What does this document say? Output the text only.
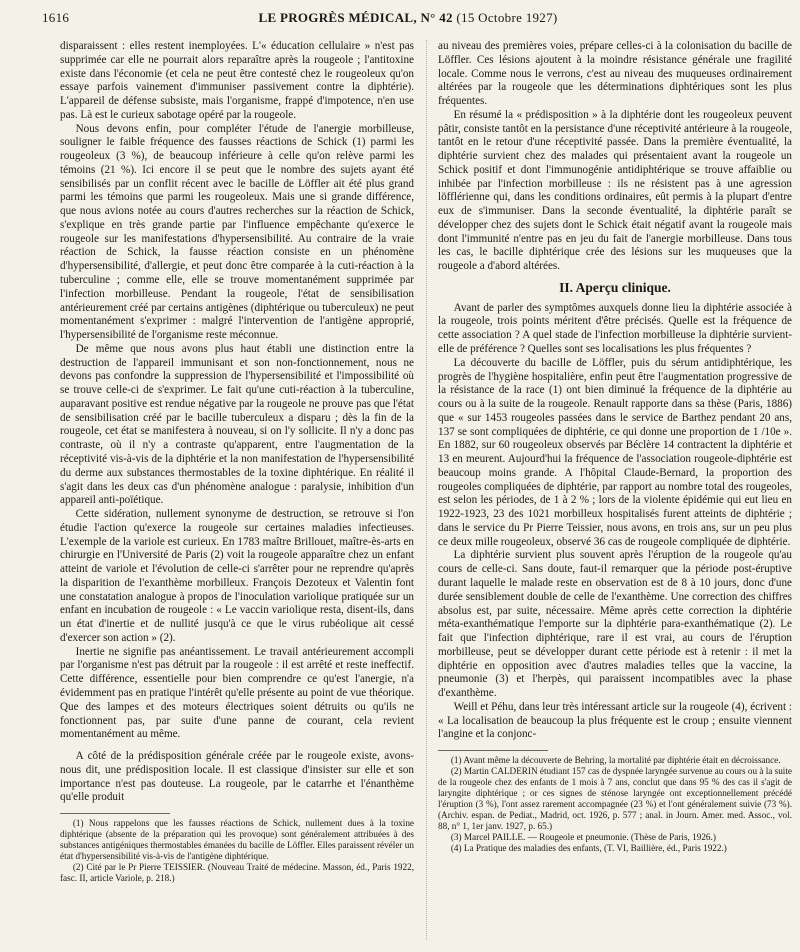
1616	LE PROGRÈS MÉDICAL, N° 42 (15 Octobre 1927)

disparaissent : elles restent inemployées. L'« éducation cellulaire » n'est pas supprimée car elle ne pourrait alors reparaître après la rougeole ; l'antitoxine existe dans l'économie (et cela ne peut être contesté chez le rougeoleux qu'on essaye parfois vainement d'immuniser passivement contre la diphtérie). L'appareil de défense subsiste, mais l'organisme, frappé d'impotence, n'en use pas. Là est le curieux sabotage opéré par la rougeole.

Nous devons enfin, pour compléter l'étude de l'anergie morbilleuse, souligner le faible fréquence des fausses réactions de Schick (1) parmi les rougeoleux (3 %), de beaucoup inférieure à celle qu'on relève parmi les témoins (21 %). Ici encore il se peut que le nombre des sujets ayant été sensibilisés par un conflit récent avec le bacille de Löffler ait été plus grand parmi les témoins que parmi les rougeoleux. Mais une si grande différence, que nous avions notée au cours d'autres recherches sur la réaction de Schick, s'explique en très grande partie par l'influence empêchante qu'exerce le rougeole sur les manifestations d'hypersensibilité. Au contraire de la vraie réaction de Schick, la fausse réaction consiste en un phénomène d'hypersensibilité, d'allergie, et peut donc être comparée à la cuti-réaction à la tuberculine ; comme elle, elle se trouve momentanément supprimée par l'infection morbilleuse. Pendant la rougeole, l'état de sensibilisation antérieurement créé par certains antigènes (diphtérique ou tuberculeux) ne peut momentanément s'exprimer : malgré l'intervention de l'antigène approprié, l'hypersensibilité de l'organisme reste méconnue.

De même que nous avons plus haut établi une distinction entre la destruction de l'appareil immunisant et son non-fonctionnement, nous ne devons pas confondre la suppression de l'hypersensibilité et l'impossibilité où se trouve celle-ci de s'exprimer. Le fait qu'une cuti-réaction à la tuberculine, auparavant positive est rendue négative par la rougeole ne prouve pas que l'état de sensibilisation créé par le bacille tuberculeux a disparu ; dès la fin de la rougeole, cet état se manifestera à nouveau, si on l'y sollicite. Il n'y a donc pas contraste, où il n'y a contraste qu'apparent, entre l'augmentation de la réceptivité vis-à-vis de la diphtérie et la non manifestation de l'hypersensibilité du derme aux substances thermostables de la toxine diphtérique. En réalité il s'agit dans les deux cas d'un phénomène analogue : paralysie, inhibition d'un appareil anti-poïétique.

Cette sidération, nullement synonyme de destruction, se retrouve si l'on étudie l'action qu'exerce la rougeole sur certaines maladies infectieuses. L'exemple de la variole est curieux. En 1783 maître Brillouet, maître-ès-arts en chirurgie en l'Université de Paris (2) voit la rougeole apparaître chez un enfant atteint de variole et l'évolution de celle-ci s'arrêter pour ne reprendre qu'après la disparition de l'exanthème morbilleux. François Dezoteux et Valentin font une constatation analogue à propos de l'inoculation variolique pratiquée sur un enfant en incubation de rougeole : « Le vaccin variolique resta, disent-ils, dans un état d'inertie et de nullité jusqu'à ce que le virus rubéolique ait cessé d'exercer son action » (2).

Inertie ne signifie pas anéantissement. Le travail antérieurement accompli par l'organisme n'est pas détruit par la rougeole : il est arrêté et reste ineffectif. Cette différence, essentielle pour bien comprendre ce qu'est l'anergie, n'a évidemment pas en pratique l'intérêt qu'elle présente au point de vue théorique. Que des lampes et des moteurs électriques soient détruits ou qu'ils ne fonctionnent pas, par suite d'une panne de courant, cela revient momentanément au même.

A côté de la prédisposition générale créée par le rougeole existe, avons-nous dit, une prédisposition locale. Il est classique d'insister sur elle et son importance n'est pas douteuse. La rougeole, par le catarrhe et l'énanthème qu'elle produit

(1) Nous rappelons que les fausses réactions de Schick, nullement dues à la toxine diphtérique (absente de la préparation qui les provoque) sont généralement attribuées à des substances antigéniques thermostables émanées du bacille de Löffler. Elles paraissent révéler un état d'hypersensibilité vis-à-vis de l'antigène diphtérique.

(2) Cité par le Pr Pierre TEISSIER. (Nouveau Traité de médecine. Masson, éd., Paris 1922, fasc. II, article Variole, p. 218.)

au niveau des premières voies, prépare celles-ci à la colonisation du bacille de Löffler. Ces lésions ajoutent à la moindre résistance générale une fragilité locale. Comme nous le verrons, c'est au niveau des muqueuses ordinairement altérées par la rougeole que les déterminations diphtériques sont les plus fréquentes.

En résumé la « prédisposition » à la diphtérie dont les rougeoleux peuvent pâtir, consiste tantôt en la persistance d'une réceptivité antérieure à la rougeole, tantôt en le retour d'une réceptivité passée. Dans la première éventualité, la diphtérie survient chez des malades qui présentaient avant la rougeole un Schick positif et dont l'immunogénie antidiphtérique se trouve affaiblie ou inhibée par l'infection morbilleuse : ils ne résistent pas à une agression löfflérienne qui, dans les conditions ordinaires, eût permis à la plupart d'entre eux de s'immuniser. Dans la seconde éventualité, la diphtérie paraît se développer chez des sujets dont le Schick était négatif avant la rougeole mais dont l'immunité n'entre pas en jeu du fait de l'anergie morbilleuse. Dans tous les cas, le bacille diphtérique crée des lésions sur les muqueuses que la rougeole a d'abord altérées.

II. Aperçu clinique.

Avant de parler des symptômes auxquels donne lieu la diphtérie associée à la rougeole, trois points méritent d'être précisés. Quelle est la fréquence de cette association ? A quel stade de l'infection morbilleuse la diphtérie survient-elle de préférence ? Quelles sont ses localisations les plus fréquentes ?

La découverte du bacille de Löffler, puis du sérum antidiphtérique, les progrès de l'hygiène hospitalière, enfin peut être l'augmentation progressive de la résistance de la race (1) ont bien diminué la fréquence de la diphtérie au cours ou à la suite de la rougeole. Renault rapporte dans sa thèse (Paris, 1886) que « sur 1453 rougeoles passées dans le service de Barthez pendant 20 ans, 137 se sont compliquées de diphtérie, ce qui donne une proportion de 1 /10e ». En 1882, sur 60 rougeoleux observés par Béclère 14 contractent la diphtérie et 13 en meurent. Aujourd'hui la fréquence de l'association rougeole-diphtérie est beaucoup moins grande. A l'hôpital Claude-Bernard, la proportion des rougeoles compliquées de diphtérie, par rapport au nombre total des rougeoles, est selon les périodes, de 1 à 2 % ; lors de la violente épidémie qui eut lieu en 1922-1923, 23 des 1021 morbilleux hospitalisés furent atteints de diphtérie ; dans le service du Pr Pierre Teissier, nous avons, en trois ans, sur un peu plus ce deux mille rougeoleux, observé 36 cas de rougeole compliquée de diphtérie.

La diphtérie survient plus souvent après l'éruption de la rougeole qu'au cours de celle-ci. Sans doute, faut-il remarquer que la période post-éruptive durant laquelle le malade reste en observation est de 8 à 10 jours, donc d'une durée sensiblement double de celle de l'exanthème. Une correction des chiffres absolus est, par suite, nécessaire. Même après cette correction la diphtérie méta-exanthématique l'emporte sur la diphtérie para-exanthématique (2). Le fait que l'infection diphtérique, rare il est vrai, au cours de l'éruption morbilleuse, peut se développer durant cette période est à retenir : il met la diphtérie en opposition avec d'autres maladies telles que la vaccine, la pneumonie (3) et l'herpès, qui paraissent incompatibles avec la phase d'exanthème.

Weill et Péhu, dans leur très intéressant article sur la rougeole (4), écrivent : « La localisation de beaucoup la plus fréquente est le croup ; ensuite viennent l'angine et la conjonc-

(1) Avant même la découverte de Behring, la mortalité par diphtérie était en décroissance.

(2) Martin CALDERIN étudiant 157 cas de dyspnée laryngée survenue au cours ou à la suite de la rougeole chez des enfants de 1 mois à 7 ans, conclut que dans 95 % des cas il s'agit de laryngite diphtérique ; or ces signes de sténose laryngée ont exceptionnellement précédé l'éruption (3 %), l'ont assez rarement accompagnée (23 %) et l'ont généralement suivie (73 %). (Archiv. espan. de Pediat., Madrid, oct. 1926, p. 577 ; anal. in Journ. Amer. med. Assoc., vol. 88, n° 1, 1er janv. 1927, p. 65.)

(3) Marcel PAILLE. — Rougeole et pneumonie. (Thèse de Paris, 1926.)

(4) La Pratique des maladies des enfants, (T. VI, Baillière, éd., Paris 1922.)
